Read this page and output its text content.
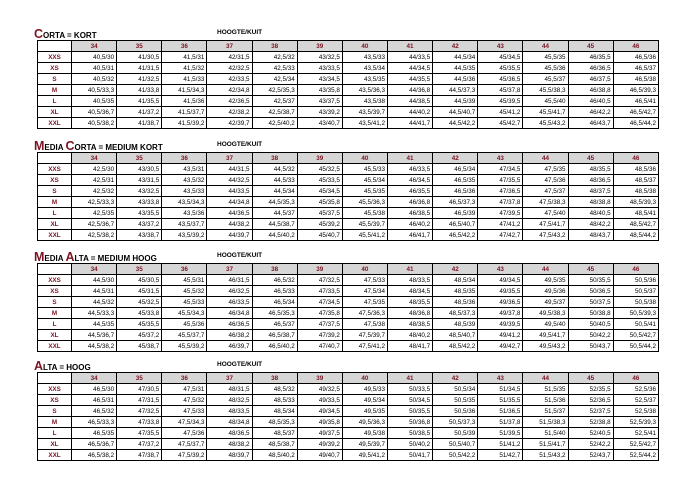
CORTA = KORT	HOOGTE/KUIT
	34	35	36	37	38	39	40	41	42	43	44	45	46
XXS	40,5/30	41/30,5	41,5/31	42/31,5	42,5/32	43/32,5	43,5/33	44/33,5	44,5/34	45/34,5	45,5/35	46/35,5	46,5/36
XS	40,5/31	41/31,5	41,5/32	42/32,5	42,5/33	43/33,5	43,5/34	44/34,5	44,5/35	45/35,5	45,5/36	46/36,5	46,5/37
S	40,5/32	41/32,5	41,5/33	42/33,5	42,5/34	43/34,5	43,5/35	44/35,5	44,5/36	45/36,5	45,5/37	46/37,5	46,5/38
M	40,5/33,3	41/33,8	41,5/34,3	42/34,8	42,5/35,3	43/35,8	43,5/36,3	44/36,8	44,5/37,3	45/37,8	45,5/38,3	46/38,8	46,5/39,3
L	40,5/35	41/35,5	41,5/36	42/36,5	42,5/37	43/37,5	43,5/38	44/38,5	44,5/39	45/39,5	45,5/40	46/40,5	46,5/41
XL	40,5/36,7	41/37,2	41,5/37,7	42/38,2	42,5/38,7	43/39,2	43,5/39,7	44/40,2	44,5/40,7	45/41,2	45,5/41,7	46/42,2	46,5/42,7
XXL	40,5/38,2	41/38,7	41,5/39,2	42/39,7	42,5/40,2	43/40,7	43,5/41,2	44/41,7	44,5/42,2	45/42,7	45,5/43,2	46/43,7	46,5/44,2
MEDIA CORTA = MEDIUM KORT	HOOGTE/KUIT
	34	35	36	37	38	39	40	41	42	43	44	45	46
XXS	42,5/30	43/30,5	43,5/31	44/31,5	44,5/32	45/32,5	45,5/33	46/33,5	46,5/34	47/34,5	47,5/35	48/35,5	48,5/36
XS	42,5/31	43/31,5	43,5/32	44/32,5	44,5/33	45/33,5	45,5/34	46/34,5	46,5/35	47/35,5	47,5/36	48/36,5	48,5/37
S	42,5/32	43/32,5	43,5/33	44/33,5	44,5/34	45/34,5	45,5/35	46/35,5	46,5/36	47/36,5	47,5/37	48/37,5	48,5/38
M	42,5/33,3	43/33,8	43,5/34,3	44/34,8	44,5/35,3	45/35,8	45,5/36,3	46/36,8	46,5/37,3	47/37,8	47,5/38,3	48/38,8	48,5/39,3
L	42,5/35	43/35,5	43,5/36	44/36,5	44,5/37	45/37,5	45,5/38	46/38,5	46,5/39	47/39,5	47,5/40	48/40,5	48,5/41
XL	42,5/36,7	43/37,2	43,5/37,7	44/38,2	44,5/38,7	45/39,2	45,5/39,7	46/40,2	46,5/40,7	47/41,2	47,5/41,7	48/42,2	48,5/42,7
XXL	42,5/38,2	43/38,7	43,5/39,2	44/39,7	44,5/40,2	45/40,7	45,5/41,2	46/41,7	46,5/42,2	47/42,7	47,5/43,2	48/43,7	48,5/44,2
MEDIA ALTA = MEDIUM HOOG	HOOGTE/KUIT
	34	35	36	37	38	39	40	41	42	43	44	45	46
XXS	44,5/30	45/30,5	45,5/31	46/31,5	46,5/32	47/32,5	47,5/33	48/33,5	48,5/34	49/34,5	49,5/35	50/35,5	50,5/36
XS	44,5/31	45/31,5	45,5/32	46/32,5	46,5/33	47/33,5	47,5/34	48/34,5	48,5/35	49/35,5	49,5/36	50/36,5	50,5/37
S	44,5/32	45/32,5	45,5/33	46/33,5	46,5/34	47/34,5	47,5/35	48/35,5	48,5/36	49/36,5	49,5/37	50/37,5	50,5/38
M	44,5/33,3	45/33,8	45,5/34,3	46/34,8	46,5/35,3	47/35,8	47,5/36,3	48/36,8	48,5/37,3	49/37,8	49,5/38,3	50/38,8	50,5/39,3
L	44,5/35	45/35,5	45,5/36	46/36,5	46,5/37	47/37,5	47,5/38	48/38,5	48,5/39	49/39,5	49,5/40	50/40,5	50,5/41
XL	44,5/36,7	45/37,2	45,5/37,7	46/38,2	46,5/38,7	47/39,2	47,5/39,7	48/40,2	48,5/40,7	49/41,2	49,5/41,7	50/42,2	50,5/42,7
XXL	44,5/38,2	45/38,7	45,5/39,2	46/39,7	46,5/40,2	47/40,7	47,5/41,2	48/41,7	48,5/42,2	49/42,7	49,5/43,2	50/43,7	50,5/44,2
ALTA = HOOG	HOOGTE/KUIT
	34	35	36	37	38	39	40	41	42	43	44	45	46
XXS	46,5/30	47/30,5	47,5/31	48/31,5	48,5/32	49/32,5	49,5/33	50/33,5	50,5/34	51/34,5	51,5/35	52/35,5	52,5/36
XS	46,5/31	47/31,5	47,5/32	48/32,5	48,5/33	49/33,5	49,5/34	50/34,5	50,5/35	51/35,5	51,5/36	52/36,5	52,5/37
S	46,5/32	47/32,5	47,5/33	48/33,5	48,5/34	49/34,5	49,5/35	50/35,5	50,5/36	51/36,5	51,5/37	52/37,5	52,5/38
M	46,5/33,3	47/33,8	47,5/34,3	48/34,8	48,5/35,3	49/35,8	49,5/36,3	50/36,8	50,5/37,3	51/37,8	51,5/38,3	52/38,8	52,5/39,3
L	46,5/35	47/35,5	47,5/36	48/36,5	48,5/37	49/37,5	49,5/38	50/38,5	50,5/39	51/39,5	51,5/40	52/40,5	52,5/41
XL	46,5/36,7	47/37,2	47,5/37,7	48/38,2	48,5/38,7	49/39,2	49,5/39,7	50/40,2	50,5/40,7	51/41,2	51,5/41,7	52/42,2	52,5/42,7
XXL	46,5/38,2	47/38,7	47,5/39,2	48/39,7	48,5/40,2	49/40,7	49,5/41,2	50/41,7	50,5/42,2	51/42,7	51,5/43,2	52/43,7	52,5/44,2
